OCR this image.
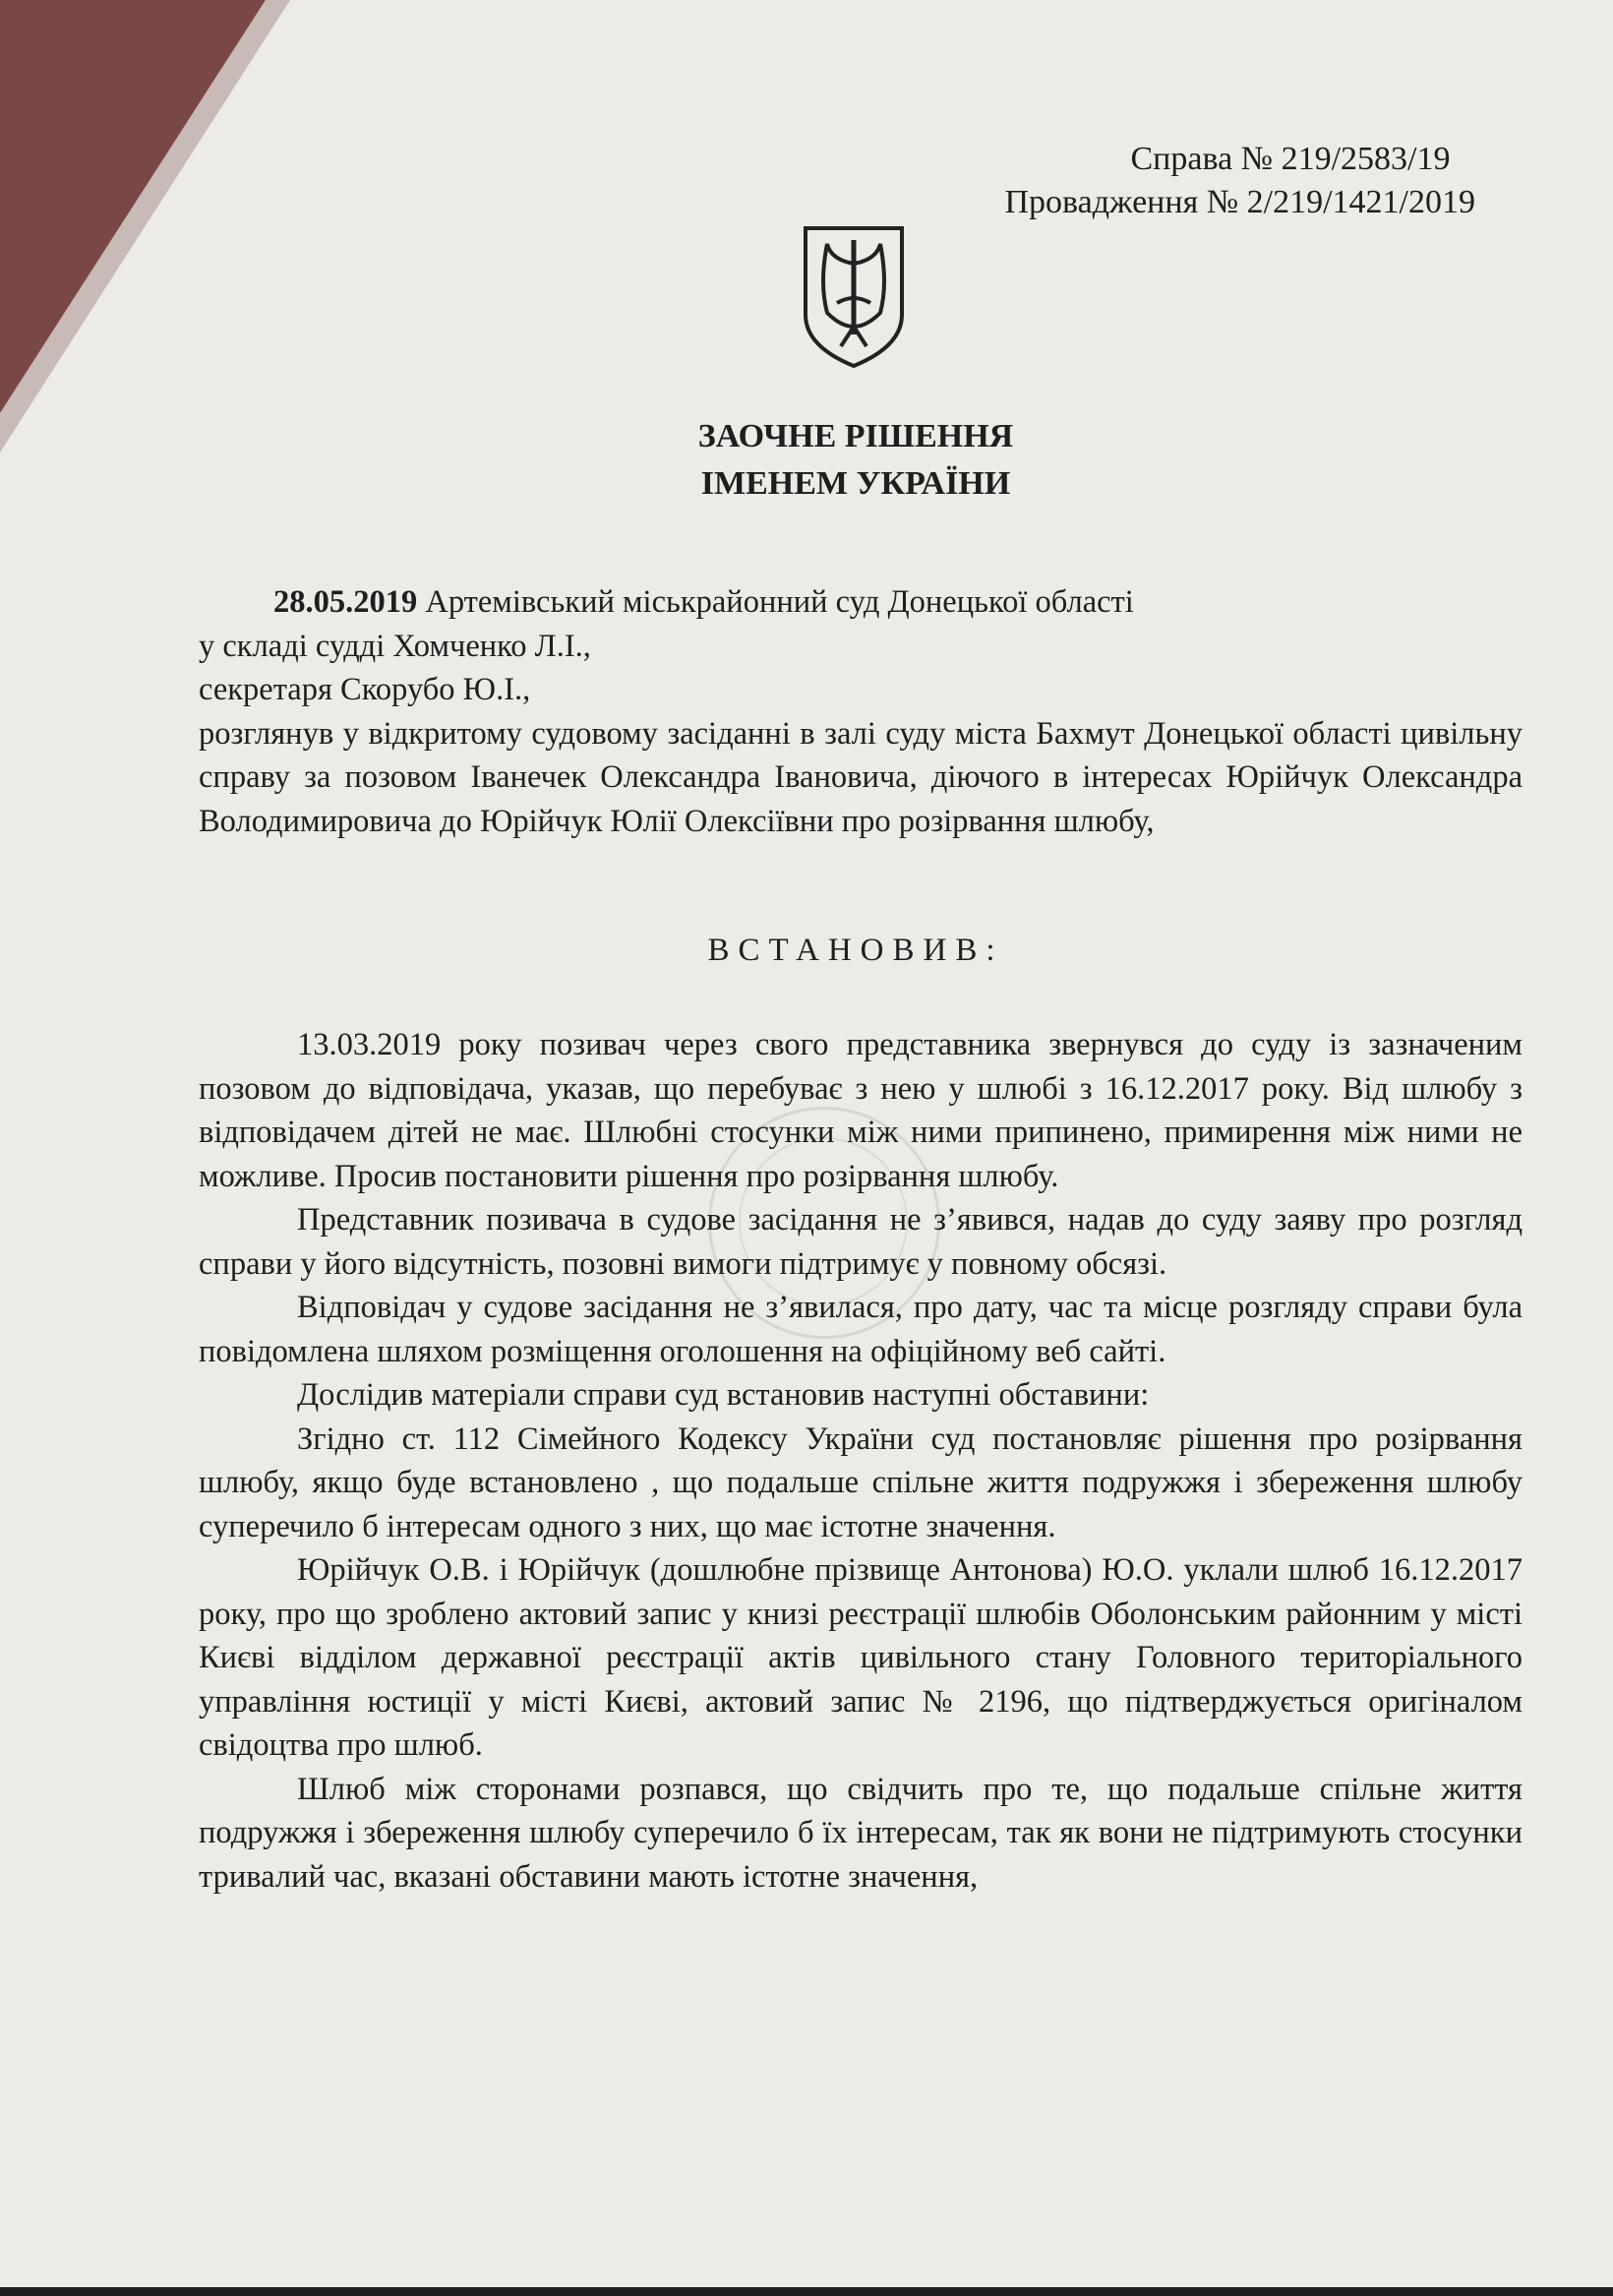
Справа № 219/2583/19
Провадження № 2/219/1421/2019
ЗАОЧНЕ РІШЕННЯ
ІМЕНЕМ УКРАЇНИ

28.05.2019 Артемівський міськрайонний суд Донецької області

у складі судді Хомченко Л.І.,

секретаря Скорубо Ю.І.,

розглянув у відкритому судовому засіданні в залі суду міста Бахмут Донецької області цивільну справу за позовом Іванечек Олександра Івановича, діючого в інтересах Юрійчук Олександра Володимировича до Юрійчук Юлії Олексіївни про розірвання шлюбу,

ВСТАНОВИВ:

13.03.2019 року позивач через свого представника звернувся до суду із зазначеним позовом до відповідача, указав, що перебуває з нею у шлюбі з 16.12.2017 року. Від шлюбу з відповідачем дітей не має. Шлюбні стосунки між ними припинено, примирення між ними не можливе. Просив постановити рішення про розірвання шлюбу.

Представник позивача в судове засідання не з’явився, надав до суду заяву про розгляд справи у його відсутність, позовні вимоги підтримує у повному обсязі.

Відповідач у судове засідання не з’явилася, про дату, час та місце розгляду справи була повідомлена шляхом розміщення оголошення на офіційному веб сайті.

Дослідив матеріали справи суд встановив наступні обставини:

Згідно ст. 112 Сімейного Кодексу України суд постановляє рішення про розірвання шлюбу, якщо буде встановлено , що подальше спільне життя подружжя і збереження шлюбу суперечило б інтересам одного з них, що має істотне значення.

Юрійчук О.В. і Юрійчук (дошлюбне прізвище Антонова) Ю.О. уклали шлюб 16.12.2017 року, про що зроблено актовий запис у книзі реєстрації шлюбів Оболонським районним у місті Києві відділом державної реєстрації актів цивільного стану Головного територіального управління юстиції у місті Києві, актовий запис № 2196, що підтверджується оригіналом свідоцтва про шлюб.

Шлюб між сторонами розпався, що свідчить про те, що подальше спільне життя подружжя і збереження шлюбу суперечило б їх інтересам, так як вони не підтримують стосунки тривалий час, вказані обставини мають істотне значення,
